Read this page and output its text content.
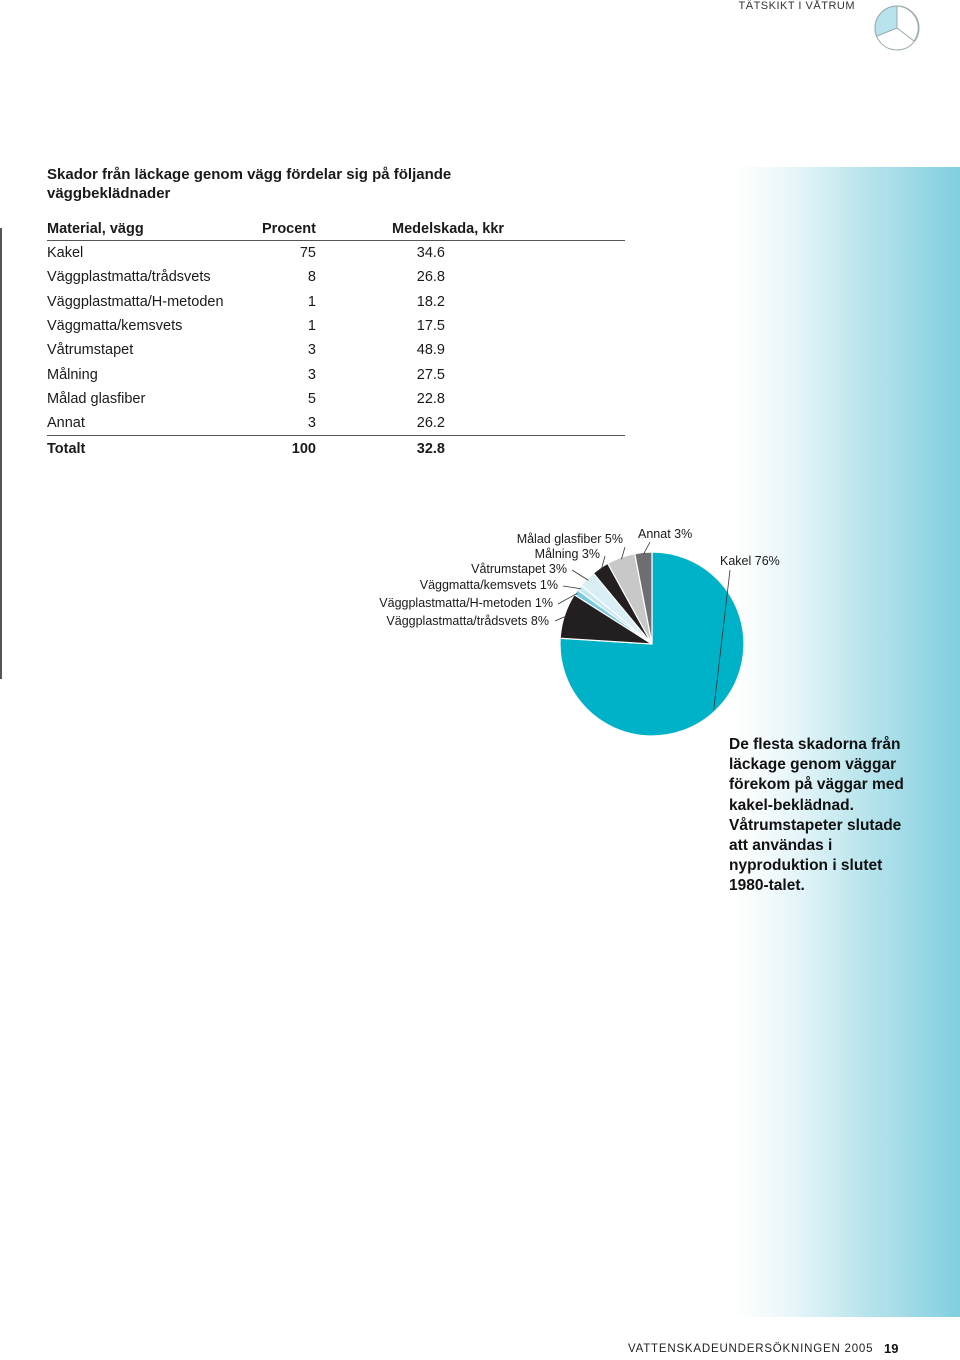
TÄTSKIKT I VÅTRUM
Skador från läckage genom vägg fördelar sig på följande väggbeklädnader
Material, vägg	Procent	Medelskada, kkr
Kakel	75	34.6
Väggplastmatta/trådsvets	8	26.8
Väggplastmatta/H-metoden	1	18.2
Väggmatta/kemsvets	1	17.5
Våtrumstapet	3	48.9
Målning	3	27.5
Målad glasfiber	5	22.8
Annat	3	26.2
Totalt	100	32.8
Kakel 76%
Väggplastmatta/trådsvets 8%
Väggplastmatta/H-metoden 1%
Väggmatta/kemsvets 1%
Våtrumstapet 3%
Målning 3%
Målad glasfiber 5% Annat 3%

De flesta skadorna från läckage genom väggar förekom på väggar med kakel-beklädnad. Våtrumstapeter slutade att användas i nyproduktion i slutet 1980-talet.

VATTENSKADEUNDERSÖKNINGEN 2005 19
